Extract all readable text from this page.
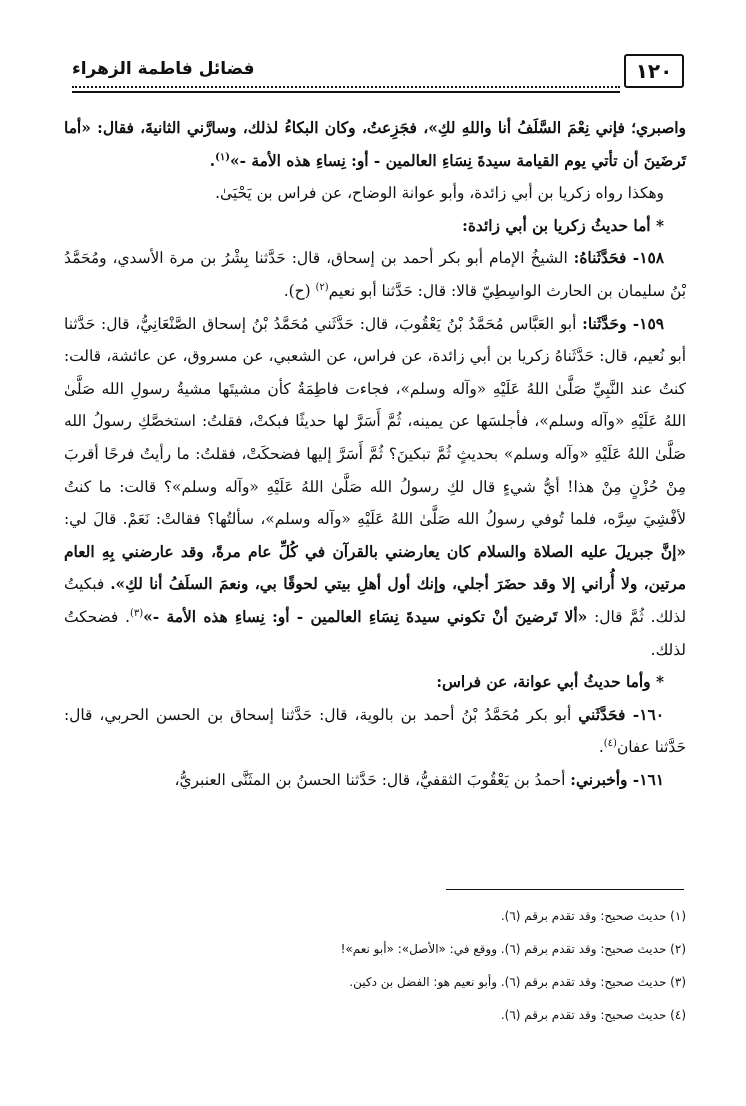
١٢٠
فضائل فاطمة الزهراء

واصبري؛ فإني نِعْمَ السَّلَفُ أنا واللهِ لكِ»، فجَزِعتُ، وكان البكاءُ لذلك، وسارَّني الثانيةَ، فقال: «أما تَرضَينَ أن تأتي يوم القيامة سيدةَ نِسَاءِ العالمين - أو: نِساءِ هذه الأمة -»$^{(١)}$.

وهكذا رواه زكريا بن أبي زائدة، وأبو عوانة الوضاح، عن فراس بن يَحْيَىٰ.

* أما حديثُ زكريا بن أبي زائدة:

١٥٨- فحَدَّثَناهُ: الشيخُ الإمام أبو بكر أحمد بن إسحاق، قال: حَدَّثنا بِشْرُ بن مرة الأسدي، ومُحَمَّدُ بْنُ سليمان بن الحارث الواسِطِيّ قالا: قال: حَدَّثنا أبو نعيم$^{(٢)}$ (ح).

١٥٩- وحَدَّثَنا: أبو العَبَّاس مُحَمَّدُ بْنُ يَعْقُوبَ، قال: حَدَّثَني مُحَمَّدُ بْنُ إسحاق الصَّنْعَانِيُّ، قال: حَدَّثنا أبو نُعيم، قال: حَدَّثَناهُ زكريا بن أبي زائدة، عن فراس، عن الشعبي، عن مسروق، عن عائشة، قالت: كنتُ عند النَّبِيِّ صَلَّىٰ اللهُ عَلَيْهِ «وآله وسلم»، فجاءت فاطِمَةُ كأن مشيتَها مشيةُ رسولِ الله صَلَّىٰ اللهُ عَلَيْهِ «وآله وسلم»، فأجلسَها عن يمينه، ثُمَّ أَسَرَّ لها حديثًا فبكتْ، فقلتُ: استخصَّكِ رسولُ الله صَلَّىٰ اللهُ عَلَيْهِ «وآله وسلم» بحديثٍ ثُمَّ تبكينَ؟ ثُمَّ أَسَرَّ إليها فضحكَتْ، فقلتُ: ما رأيتُ فرحًا أقربَ مِنْ حُزْنٍ مِنْ هذا! أيُّ شيءٍ قال لكِ رسولُ الله صَلَّىٰ اللهُ عَلَيْهِ «وآله وسلم»؟ قالت: ما كنتُ لأفْشِيَ سِرَّه، فلما تُوفي رسولُ الله صَلَّىٰ اللهُ عَلَيْهِ «وآله وسلم»، سألتُها؟ فقالتْ: نَعَمْ. قالَ لي: «إنَّ جبريلَ عليه الصلاة والسلام كان يعارضني بالقرآن في كُلِّ عام مرةً، وقد عارضني بِهِ العام مرتين، ولا أُراني إلا وقد حضَرَ أجلي، وإنك أول أهلِ بيتي لحوقًا بي، ونعمَ السلَفُ أنا لكِ». فبكيتُ لذلك. ثُمَّ قال: «ألا تَرضينَ أنْ تكوني سيدةَ نِسَاءِ العالمين - أو: نِساءِ هذه الأمة -»$^{(٣)}$. فضحكتُ لذلك.

* وأما حديثُ أبي عوانة، عن فراس:

١٦٠- فحَدَّثَني أبو بكر مُحَمَّدُ بْنُ أحمد بن بالوية، قال: حَدَّثنا إسحاق بن الحسن الحربي، قال: حَدَّثنا عفان$^{(٤)}$.

١٦١- وأخبرني: أحمدُ بن يَعْقُوبَ الثقفيُّ، قال: حَدَّثنا الحسنُ بن المثَنَّى العنبريُّ،

(١) حديث صحيح: وقد تقدم برقم (٦).

(٢) حديث صحيح: وقد تقدم برقم (٦). ووقع في: «الأصل»: «أبو نعم»!

(٣) حديث صحيح: وقد تقدم برقم (٦). وأبو نعيم هو: الفضل بن دكين.

(٤) حديث صحيح: وقد تقدم برقم (٦).
